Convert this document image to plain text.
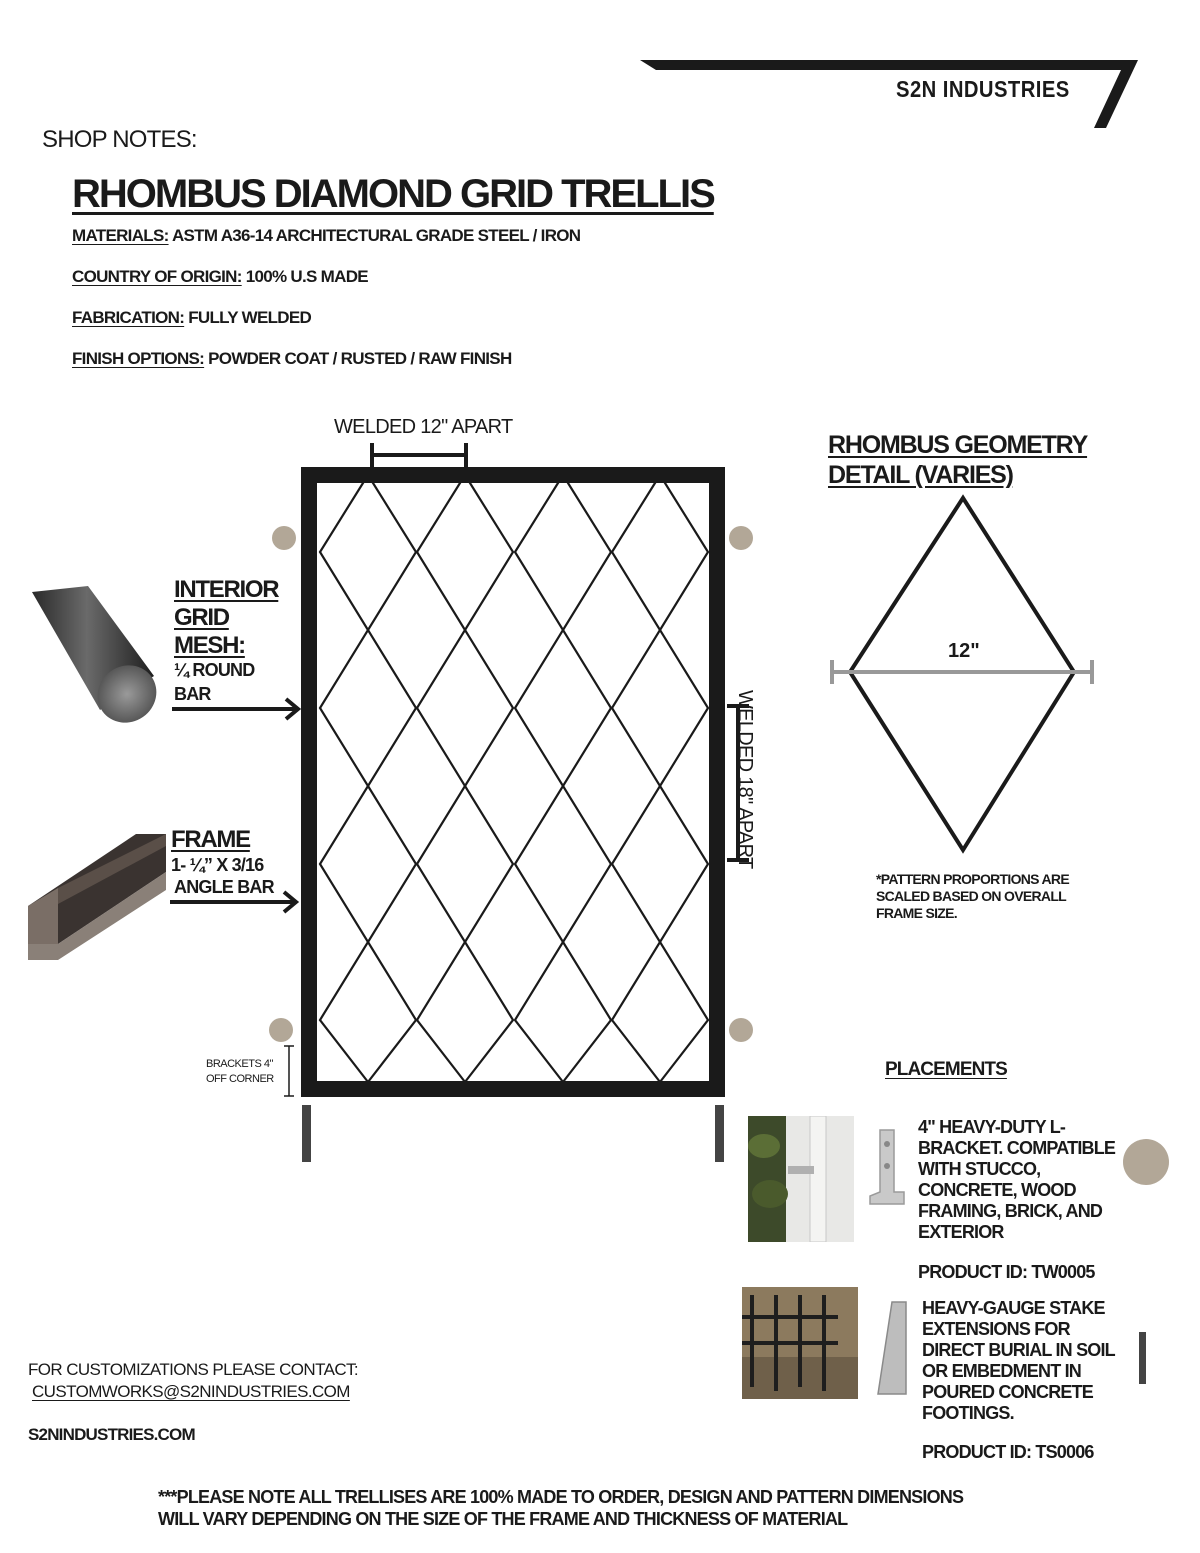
S2N INDUSTRIES
SHOP NOTES:
RHOMBUS DIAMOND GRID TRELLIS
MATERIALS: ASTM A36-14 ARCHITECTURAL GRADE STEEL / IRON
COUNTRY OF ORIGIN: 100% U.S MADE
FABRICATION: FULLY WELDED
FINISH OPTIONS: POWDER COAT / RUSTED / RAW FINISH
WELDED 12" APART
WELDED 18" APART
INTERIOR GRID MESH:
¼ ROUND
BAR
FRAME
1- ¼” X 3/16
ANGLE BAR
BRACKETS 4" OFF CORNER
RHOMBUS GEOMETRY DETAIL (VARIES)
12"
*PATTERN PROPORTIONS ARE SCALED BASED ON OVERALL FRAME SIZE.
PLACEMENTS
4" HEAVY-DUTY L-BRACKET. COMPATIBLE WITH STUCCO, CONCRETE, WOOD FRAMING, BRICK, AND EXTERIOR
PRODUCT ID: TW0005
HEAVY-GAUGE STAKE EXTENSIONS FOR DIRECT BURIAL IN SOIL OR EMBEDMENT IN POURED CONCRETE FOOTINGS.
PRODUCT ID: TS0006
FOR CUSTOMIZATIONS PLEASE CONTACT:
CUSTOMWORKS@S2NINDUSTRIES.COM
S2NINDUSTRIES.COM
***PLEASE NOTE ALL TRELLISES ARE 100% MADE TO ORDER, DESIGN AND PATTERN DIMENSIONS
WILL VARY DEPENDING ON THE SIZE OF THE FRAME AND THICKNESS OF MATERIAL
